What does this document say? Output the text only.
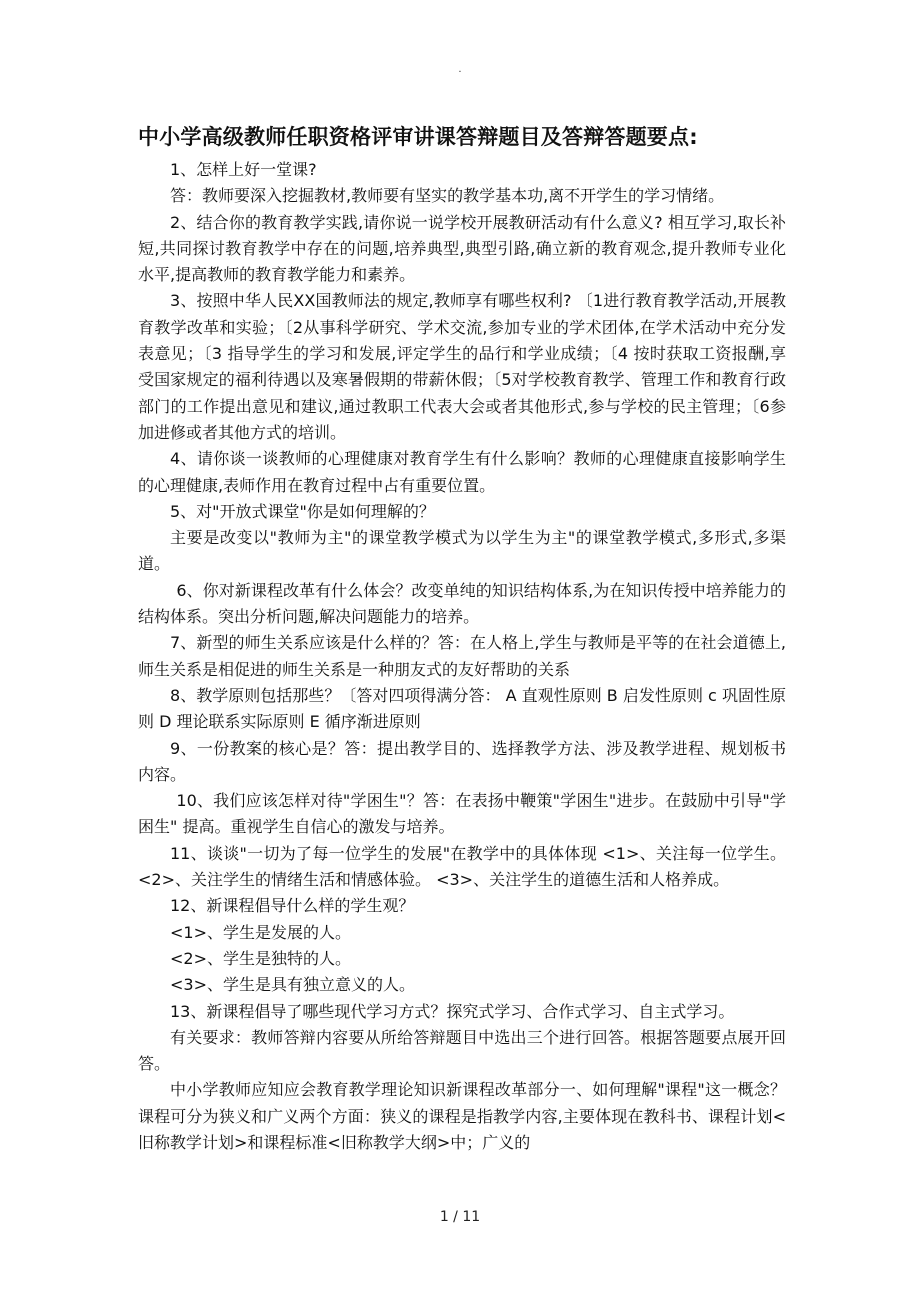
.
中小学高级教师任职资格评审讲课答辩题目及答辩答题要点:

1、怎样上好一堂课?

答：教师要深入挖掘教材,教师要有坚实的教学基本功,离不开学生的学习情绪。

2、结合你的教育教学实践,请你说一说学校开展教研活动有什么意义? 相互学习,取长补短,共同探讨教育教学中存在的问题,培养典型,典型引路,确立新的教育观念,提升教师专业化水平,提高教师的教育教学能力和素养。

3、按照中华人民XX国教师法的规定,教师享有哪些权利? 〔1进行教育教学活动,开展教育教学改革和实验；〔2从事科学研究、学术交流,参加专业的学术团体,在学术活动中充分发表意见；〔3 指导学生的学习和发展,评定学生的品行和学业成绩；〔4 按时获取工资报酬,享受国家规定的福利待遇以及寒暑假期的带薪休假；〔5对学校教育教学、管理工作和教育行政部门的工作提出意见和建议,通过教职工代表大会或者其他形式,参与学校的民主管理；〔6参加进修或者其他方式的培训。

4、请你谈一谈教师的心理健康对教育学生有什么影响？教师的心理健康直接影响学生的心理健康,表师作用在教育过程中占有重要位置。

5、对"开放式课堂"你是如何理解的？

主要是改变以"教师为主"的课堂教学模式为以学生为主"的课堂教学模式,多形式,多渠道。

6、你对新课程改革有什么体会？改变单纯的知识结构体系,为在知识传授中培养能力的结构体系。突出分析问题,解决问题能力的培养。

7、新型的师生关系应该是什么样的？答：在人格上,学生与教师是平等的在社会道德上,师生关系是相促进的师生关系是一种朋友式的友好帮助的关系

8、教学原则包括那些？〔答对四项得满分答： A 直观性原则 B 启发性原则 c 巩固性原则 D 理论联系实际原则 E 循序渐进原则

9、一份教案的核心是？答：提出教学目的、选择教学方法、涉及教学进程、规划板书内容。

10、我们应该怎样对待"学困生"？答：在表扬中鞭策"学困生"进步。在鼓励中引导"学困生" 提高。重视学生自信心的激发与培养。

11、谈谈"一切为了每一位学生的发展"在教学中的具体体现 <1>、关注每一位学生。<2>、关注学生的情绪生活和情感体验。 <3>、关注学生的道德生活和人格养成。

12、新课程倡导什么样的学生观？

<1>、学生是发展的人。

<2>、学生是独特的人。

<3>、学生是具有独立意义的人。

13、新课程倡导了哪些现代学习方式？探究式学习、合作式学习、自主式学习。

有关要求：教师答辩内容要从所给答辩题目中选出三个进行回答。根据答题要点展开回答。

中小学教师应知应会教育教学理论知识新课程改革部分一、如何理解"课程"这一概念？课程可分为狭义和广义两个方面：狭义的课程是指教学内容,主要体现在教科书、课程计划<旧称教学计划>和课程标准<旧称教学大纲>中；广义的

1 / 11
